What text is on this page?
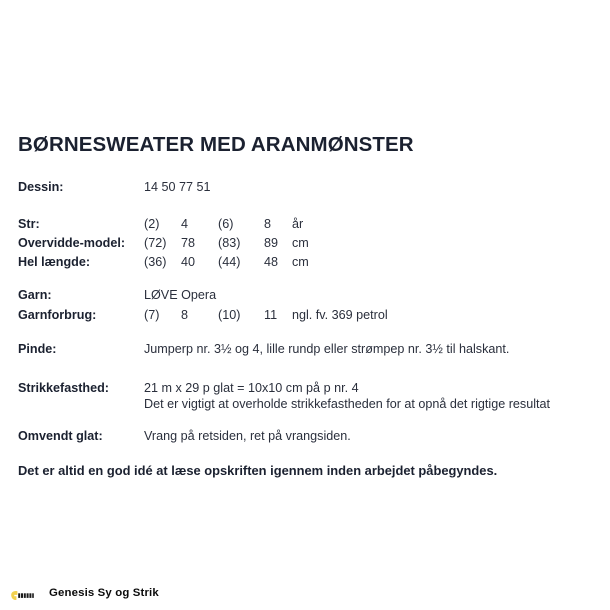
BØRNESWEATER MED ARANMØNSTER
Dessin:	14 50 77 51
Str:	(2) 4 (6) 8 år
Overvidde-model: (72) 78 (83) 89 cm
Hel længde:	(36) 40 (44) 48 cm
Garn:	LØVE Opera
Garnforbrug:	(7) 8 (10) 11 ngl. fv. 369 petrol
Pinde:	Jumperp nr. 3½ og 4, lille rundp eller strømpep nr. 3½ til halskant.
Strikkefasthed:	21 m x 29 p glat = 10x10 cm på p nr. 4
Det er vigtigt at overholde strikkefastheden for at opnå det rigtige resultat
Omvendt glat:	Vrang på retsiden, ret på vrangsiden.
Det er altid en god idé at læse opskriften igennem inden arbejdet påbegyndes.
Genesis Sy og Strik
